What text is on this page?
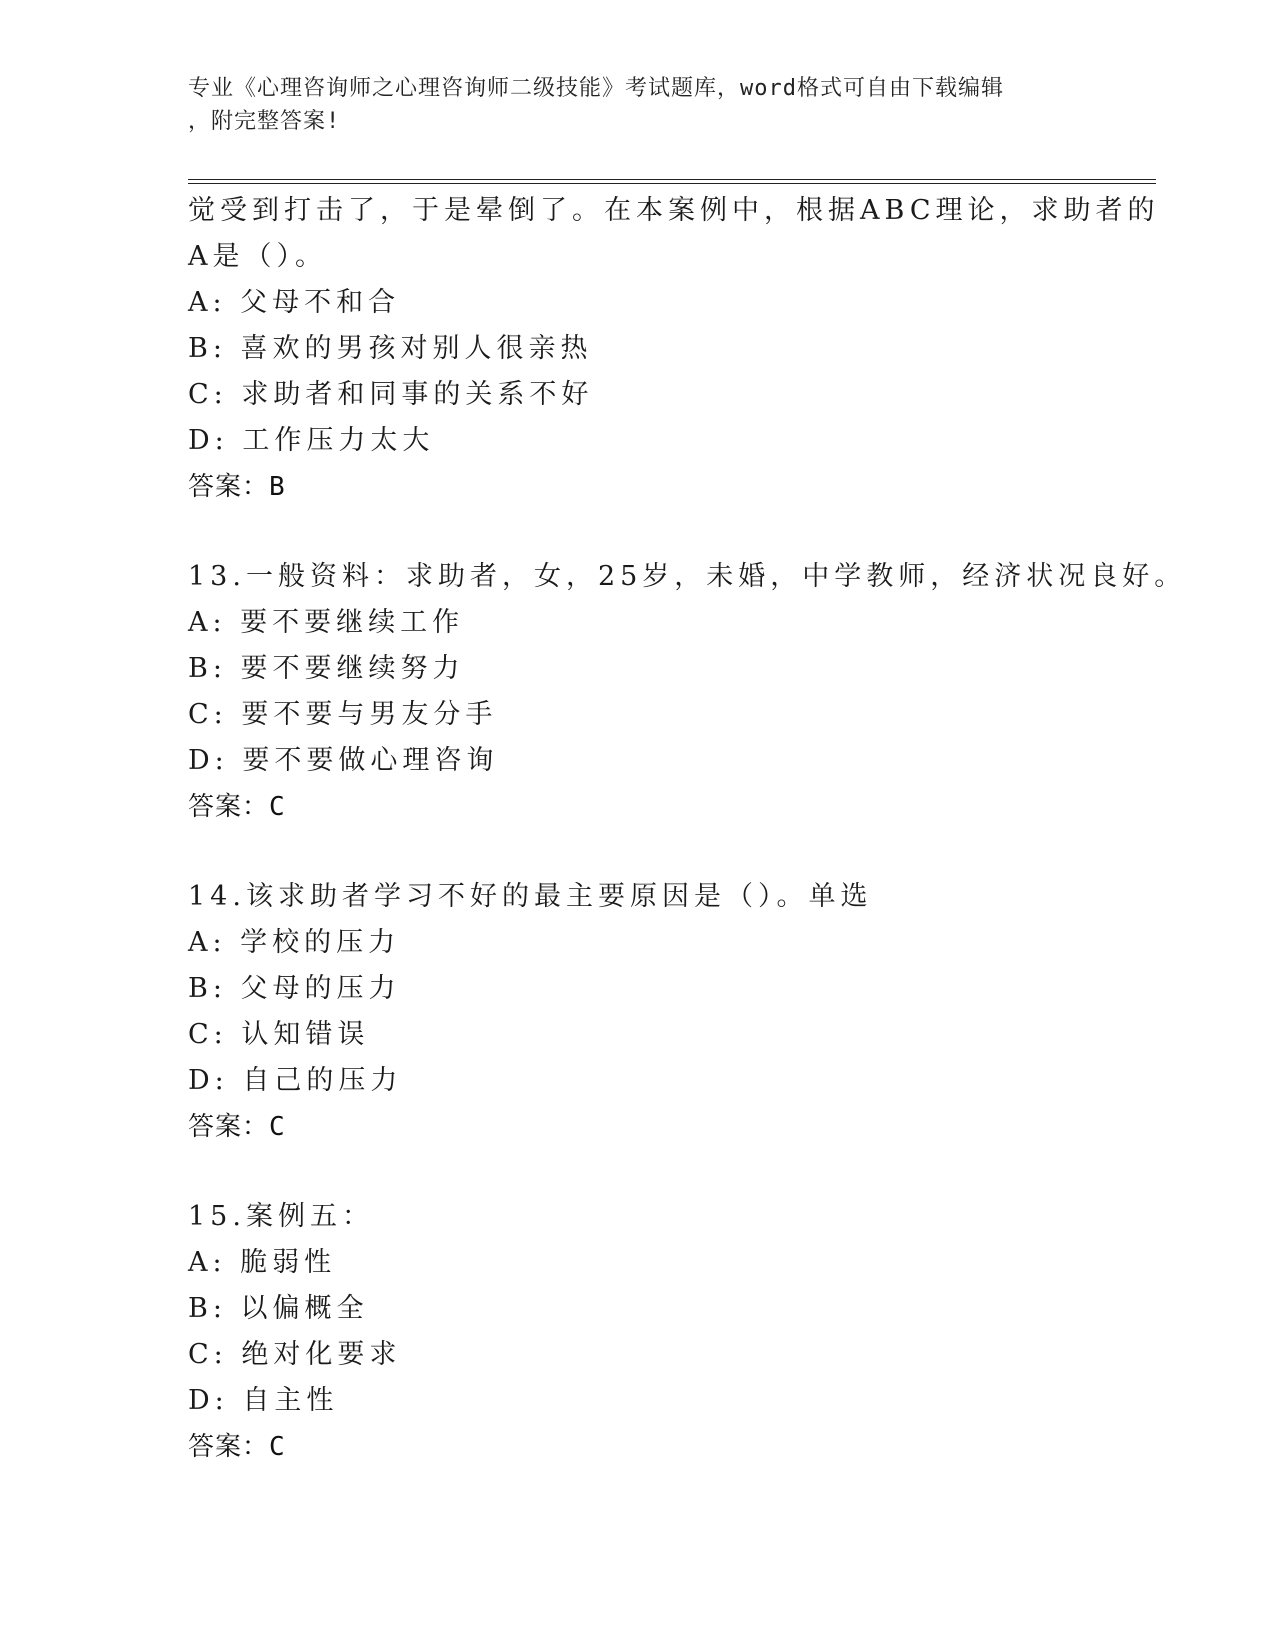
专业《心理咨询师之心理咨询师二级技能》考试题库，word格式可自由下载编辑
，附完整答案!
觉受到打击了，于是晕倒了。在本案例中，根据ABC理论，求助者的
A是（）。
A: 父母不和合
B: 喜欢的男孩对别人很亲热
C: 求助者和同事的关系不好
D: 工作压力太大
答案：B
13.一般资料：求助者，女，25岁，未婚，中学教师，经济状况良好。
A: 要不要继续工作
B: 要不要继续努力
C: 要不要与男友分手
D: 要不要做心理咨询
答案：C
14.该求助者学习不好的最主要原因是（）。单选
A: 学校的压力
B: 父母的压力
C: 认知错误
D: 自己的压力
答案：C
15.案例五：
A: 脆弱性
B: 以偏概全
C: 绝对化要求
D: 自主性
答案：C
